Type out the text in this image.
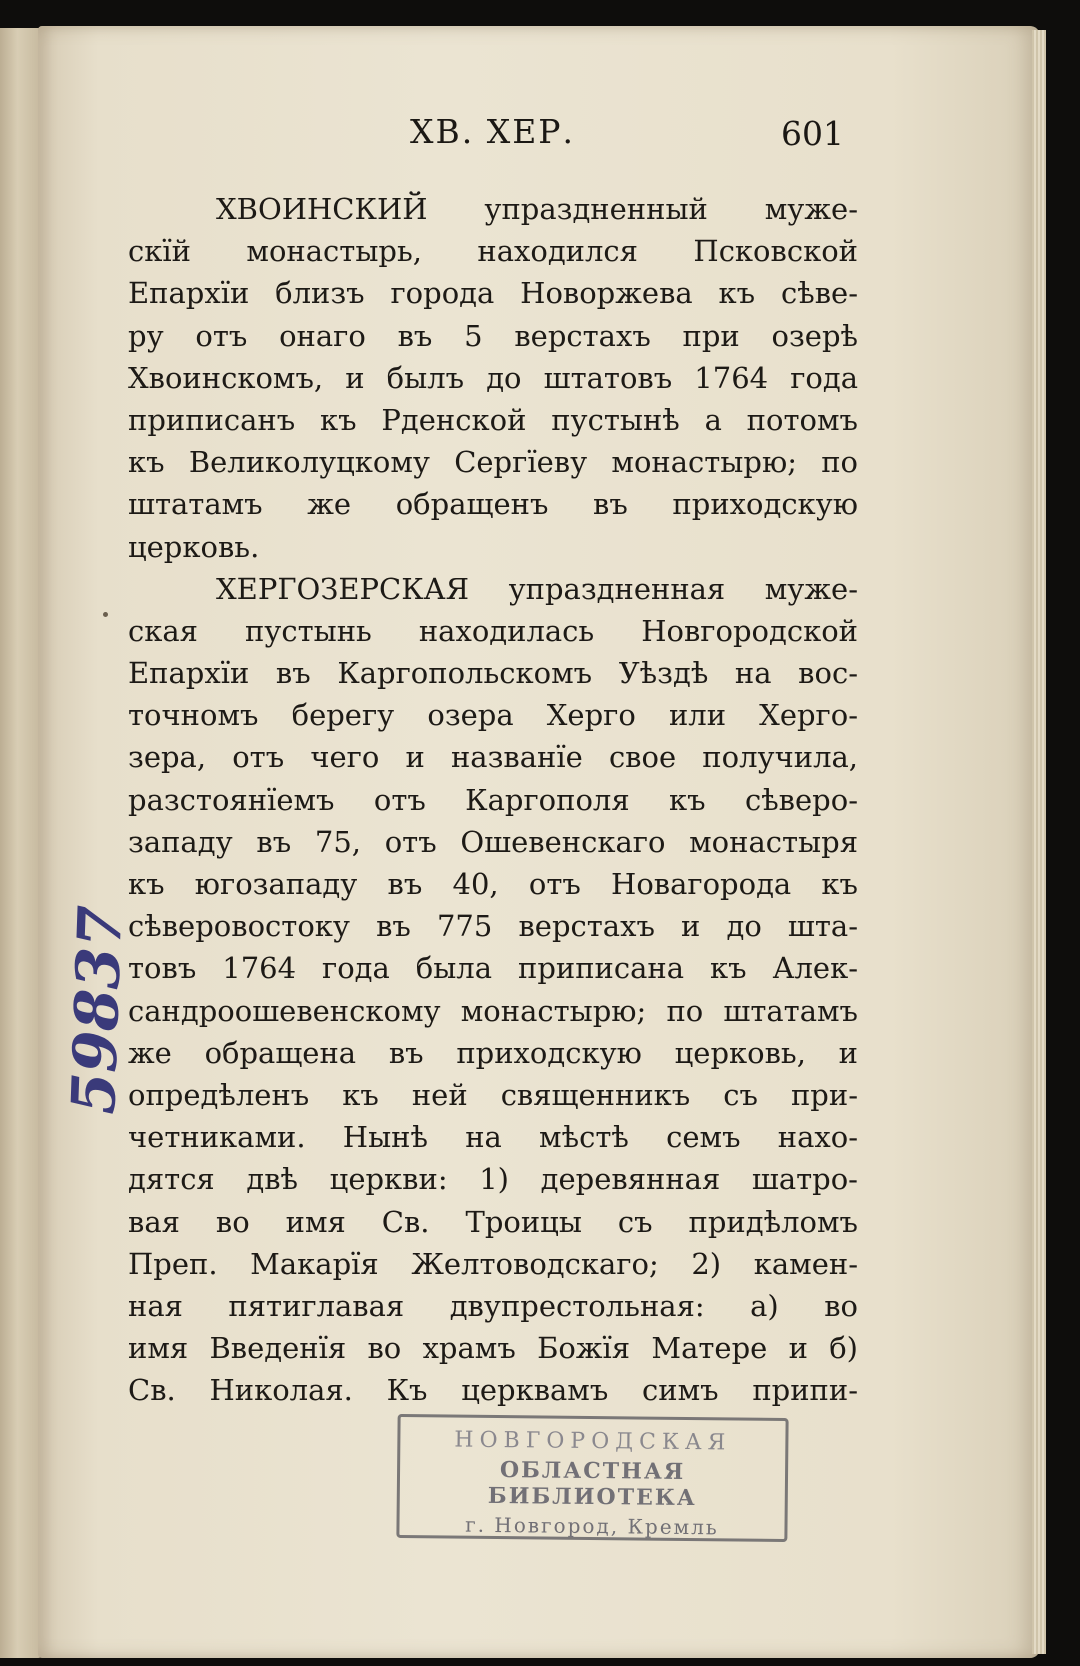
ХВ. ХЕР.	601
ХВОИНСКИЙ упраздненный муже-
скїй монастырь, находился Псковской
Епархїи близъ города Новоржева къ сѣве-
ру отъ онаго въ 5 верстахъ при озерѣ
Хвоинскомъ, и былъ до штатовъ 1764 года
приписанъ къ Рденской пустынѣ а потомъ
къ Великолуцкому Сергїеву монастырю; по
штатамъ же обращенъ въ приходскую
церковь.
ХЕРГОЗЕРСКАЯ упраздненная муже-
ская пустынь находилась Новгородской
Епархїи въ Каргопольскомъ Уѣздѣ на вос-
точномъ берегу озера Херго или Херго-
зера, отъ чего и названїе свое получила,
разстоянїемъ отъ Каргополя къ сѣверо-
западу въ 75, отъ Ошевенскаго монастыря
къ югозападу въ 40, отъ Новагорода къ
сѣверовостоку въ 775 верстахъ и до шта-
товъ 1764 года была приписана къ Алек-
сандроошевенскому монастырю; по штатамъ
же обращена въ приходскую церковь, и
опредѣленъ къ ней священникъ съ при-
четниками. Нынѣ на мѣстѣ семъ нахо-
дятся двѣ церкви: 1) деревянная шатро-
вая во имя Св. Троицы съ придѣломъ
Преп. Макарїя Желтоводскаго; 2) камен-
ная пятиглавая двупрестольная: а) во
имя Введенїя во храмъ Божїя Матере и б)
Св. Николая. Къ церквамъ симъ припи-
59837
НОВГОРОДСКАЯ
ОБЛАСТНАЯ БИБЛИОТЕКА
г. Новгород, Кремль
